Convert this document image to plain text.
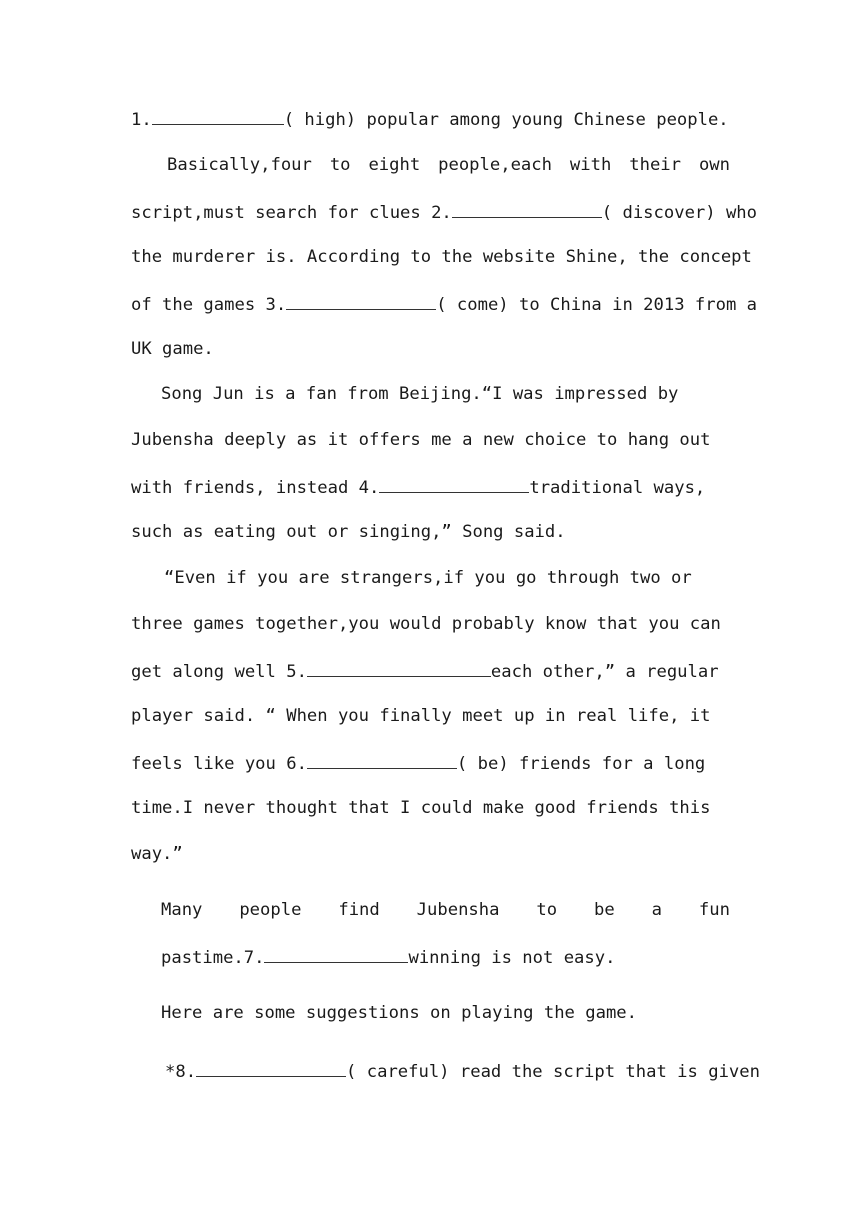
1.	( high) popular among young Chinese people.
Basically,four to eight people,each with their own
script,must search for clues 2.	( discover) who
the murderer is. According to the website Shine, the concept
of the games 3.	( come) to China in 2013 from a
UK game.
Song Jun is a fan from Beijing.“I was impressed by
Jubensha deeply as it offers me a new choice to hang out
with friends, instead 4.	traditional ways,
such as eating out or singing,” Song said.
“Even if you are strangers,if you go through two or
three games together,you would probably know that you can
get along well 5.	each other,” a regular
player said. “ When you finally meet up in real life, it
feels like you 6.	( be) friends for a long
time.I never thought that I could make good friends this
way.”
Many people find Jubensha to be a fun
pastime.7.	winning is not easy.
Here are some suggestions on playing the game.
*8.	( careful) read the script that is given
